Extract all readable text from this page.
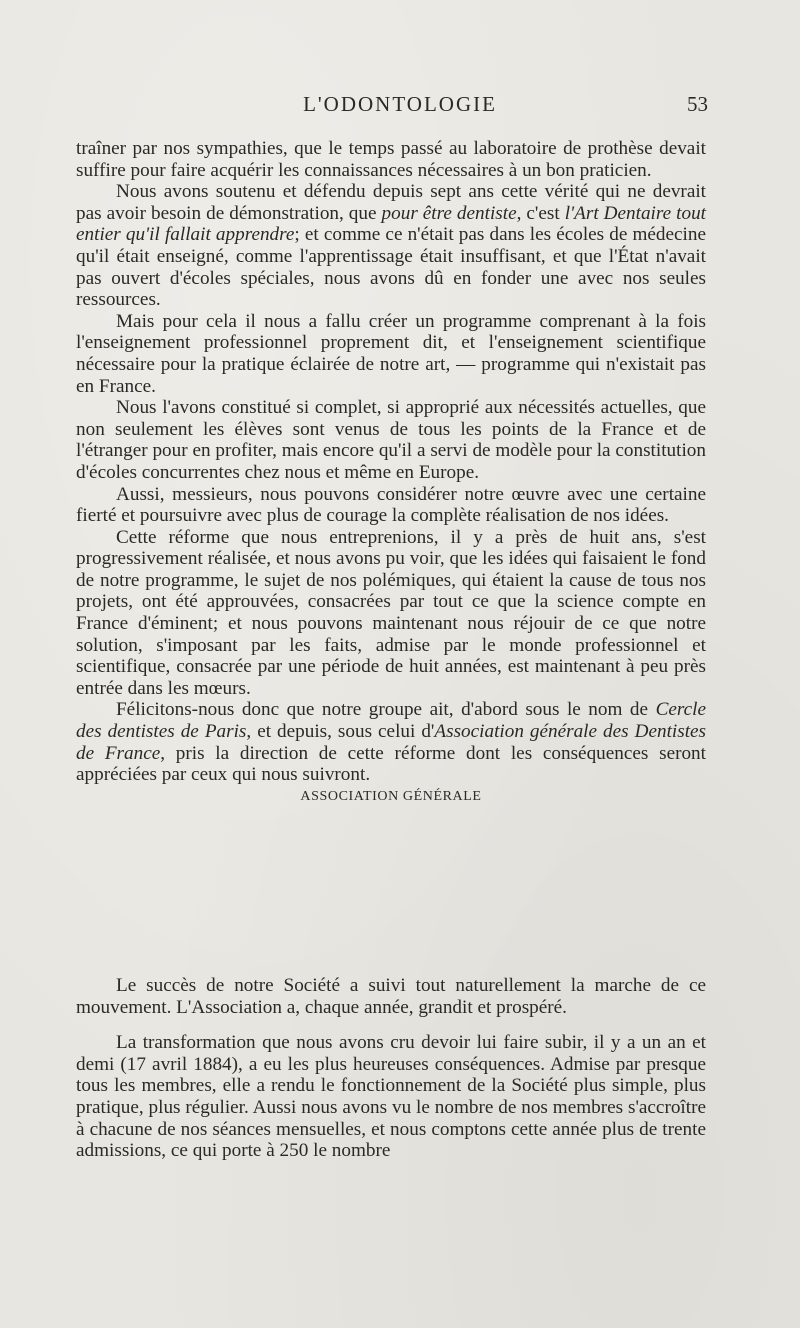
L'ODONTOLOGIE	53

traîner par nos sympathies, que le temps passé au laboratoire de prothèse devait suffire pour faire acquérir les connaissances nécessaires à un bon praticien.

Nous avons soutenu et défendu depuis sept ans cette vérité qui ne devrait pas avoir besoin de démonstration, que pour être dentiste, c'est l'Art Dentaire tout entier qu'il fallait apprendre; et comme ce n'était pas dans les écoles de médecine qu'il était enseigné, comme l'apprentissage était insuffisant, et que l'État n'avait pas ouvert d'écoles spéciales, nous avons dû en fonder une avec nos seules ressources.

Mais pour cela il nous a fallu créer un programme comprenant à la fois l'enseignement professionnel proprement dit, et l'enseignement scientifique nécessaire pour la pratique éclairée de notre art, — programme qui n'existait pas en France.

Nous l'avons constitué si complet, si approprié aux nécessités actuelles, que non seulement les élèves sont venus de tous les points de la France et de l'étranger pour en profiter, mais encore qu'il a servi de modèle pour la constitution d'écoles concurrentes chez nous et même en Europe.

Aussi, messieurs, nous pouvons considérer notre œuvre avec une certaine fierté et poursuivre avec plus de courage la complète réalisation de nos idées.

Cette réforme que nous entreprenions, il y a près de huit ans, s'est progressivement réalisée, et nous avons pu voir, que les idées qui faisaient le fond de notre programme, le sujet de nos polémiques, qui étaient la cause de tous nos projets, ont été approuvées, consacrées par tout ce que la science compte en France d'éminent; et nous pouvons maintenant nous réjouir de ce que notre solution, s'imposant par les faits, admise par le monde professionnel et scientifique, consacrée par une période de huit années, est maintenant à peu près entrée dans les mœurs.

Félicitons-nous donc que notre groupe ait, d'abord sous le nom de Cercle des dentistes de Paris, et depuis, sous celui d'Association générale des Dentistes de France, pris la direction de cette réforme dont les conséquences seront appréciées par ceux qui nous suivront.

ASSOCIATION GÉNÉRALE

Le succès de notre Société a suivi tout naturellement la marche de ce mouvement. L'Association a, chaque année, grandit et prospéré.

La transformation que nous avons cru devoir lui faire subir, il y a un an et demi (17 avril 1884), a eu les plus heureuses conséquences. Admise par presque tous les membres, elle a rendu le fonctionnement de la Société plus simple, plus pratique, plus régulier. Aussi nous avons vu le nombre de nos membres s'accroître à chacune de nos séances mensuelles, et nous comptons cette année plus de trente admissions, ce qui porte à 250 le nombre
